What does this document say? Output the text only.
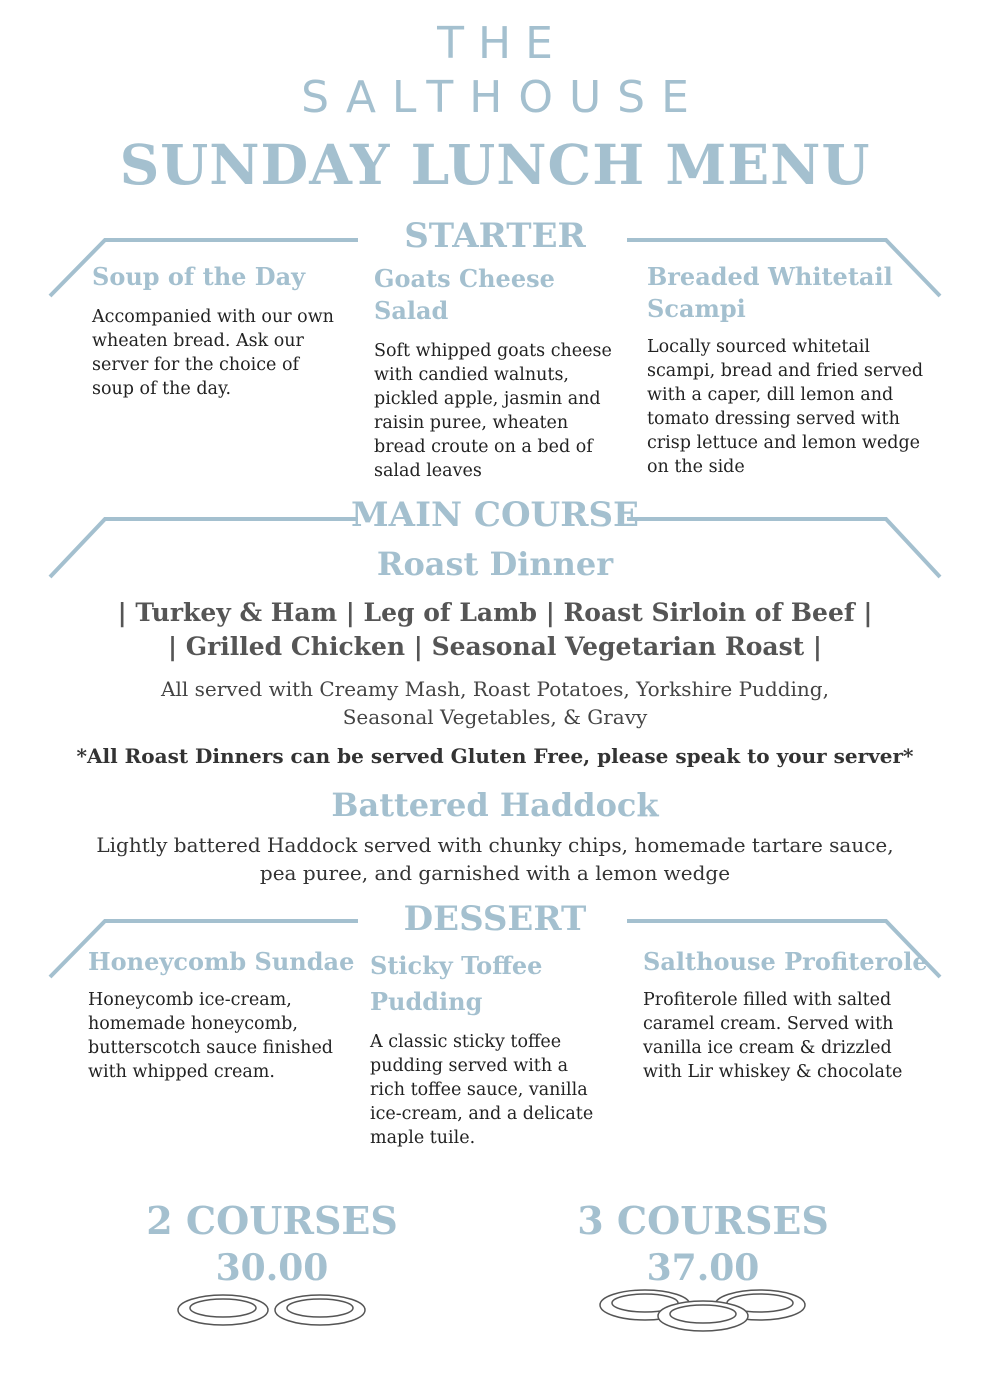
THE
SALTHOUSE
SUNDAY LUNCH MENU
STARTER
Soup of the Day
Accompanied with our own
wheaten bread. Ask our
server for the choice of
soup of the day.
Goats Cheese Salad
Soft whipped goats cheese
with candied walnuts,
pickled apple, jasmin and
raisin puree, wheaten
bread croute on a bed of
salad leaves
Breaded Whitetail
Scampi
Locally sourced whitetail
scampi, bread and fried served
with a caper, dill lemon and
tomato dressing served with
crisp lettuce and lemon wedge
on the side
MAIN COURSE
Roast Dinner
| Turkey & Ham | Leg of Lamb | Roast Sirloin of Beef |
| Grilled Chicken | Seasonal Vegetarian Roast |
All served with Creamy Mash, Roast Potatoes, Yorkshire Pudding,
Seasonal Vegetables, & Gravy
*All Roast Dinners can be served Gluten Free, please speak to your server*
Battered Haddock
Lightly battered Haddock served with chunky chips, homemade tartare sauce,
pea puree, and garnished with a lemon wedge
DESSERT
Honeycomb Sundae
Honeycomb ice-cream,
homemade honeycomb,
butterscotch sauce finished
with whipped cream.
Sticky Toffee
Pudding
A classic sticky toffee
pudding served with a
rich toffee sauce, vanilla
ice-cream, and a delicate
maple tuile.
Salthouse Profiterole
Profiterole filled with salted
caramel cream. Served with
vanilla ice cream & drizzled
with Lir whiskey & chocolate
2 COURSES
30.00
3 COURSES
37.00
